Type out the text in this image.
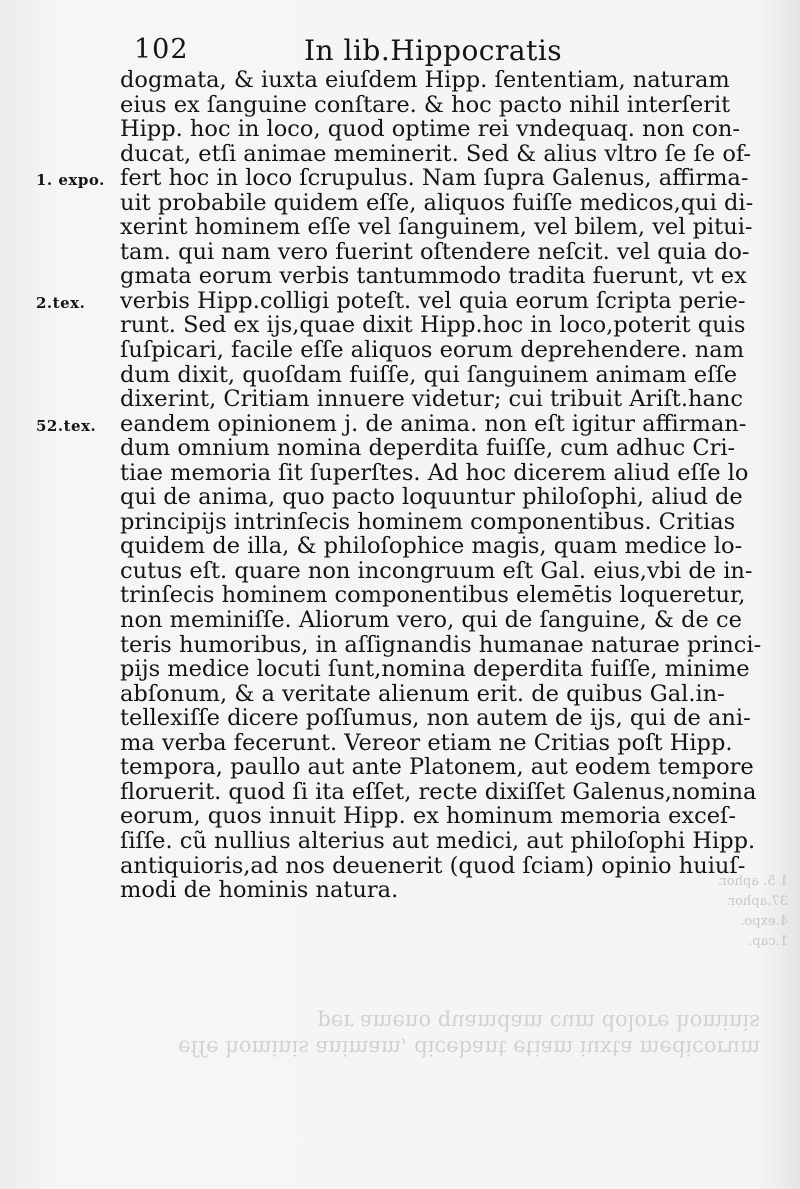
102	In lib.Hippocratis
dogmata, & iuxta eiuſdem Hipp. ſententiam, naturam
eius ex ſanguine conſtare. & hoc pacto nihil interſerit
Hipp. hoc in loco, quod optime rei vndequaq. non con-
ducat, etſi animae meminerit. Sed & alius vltro ſe ſe of-
fert hoc in loco ſcrupulus. Nam ſupra Galenus, affirma-
uit probabile quidem eſſe, aliquos fuiſſe medicos,qui di-
xerint hominem eſſe vel ſanguinem, vel bilem, vel pitui-
tam. qui nam vero fuerint oſtendere neſcit. vel quia do-
gmata eorum verbis tantummodo tradita fuerunt, vt ex
verbis Hipp.colligi poteſt. vel quia eorum ſcripta perie-
runt. Sed ex ijs,quae dixit Hipp.hoc in loco,poterit quis
ſuſpicari, facile eſſe aliquos eorum deprehendere. nam
dum dixit, quoſdam fuiſſe, qui ſanguinem animam eſſe
dixerint, Critiam innuere videtur; cui tribuit Ariſt.hanc
eandem opinionem j. de anima. non eſt igitur affirman-
dum omnium nomina deperdita fuiſſe, cum adhuc Cri-
tiae memoria ſit ſuperſtes. Ad hoc dicerem aliud eſſe lo
qui de anima, quo pacto loquuntur philoſophi, aliud de
principijs intrinſecis hominem componentibus. Critias
quidem de illa, & philoſophice magis, quam medice lo-
cutus eſt. quare non incongruum eſt Gal. eius,vbi de in-
trinſecis hominem componentibus elemētis loqueretur,
non meminiſſe. Aliorum vero, qui de ſanguine, & de ce
teris humoribus, in aſſignandis humanae naturae princi-
pijs medice locuti ſunt,nomina deperdita fuiſſe, minime
abſonum, & a veritate alienum erit. de quibus Gal.in-
tellexiſſe dicere poſſumus, non autem de ijs, qui de ani-
ma verba fecerunt. Vereor etiam ne Critias poſt Hipp.
tempora, paullo aut ante Platonem, aut eodem tempore
floruerit. quod ſi ita eſſet, recte dixiſſet Galenus,nomina
eorum, quos innuit Hipp. ex hominum memoria exceſ-
ſiſſe. cũ nullius alterius aut medici, aut philoſophi Hipp.
antiquioris,ad nos deuenerit (quod ſciam) opinio huiuſ-
modi de hominis natura.
1. expo.
2.tex.
52.tex.
per ameno quamdam cum dolore hominis
eſſe hominis animam, dicebant etiam iuxta medicorum
1 5. aphor.
37.aphor.
4.expo.
1.cap.
